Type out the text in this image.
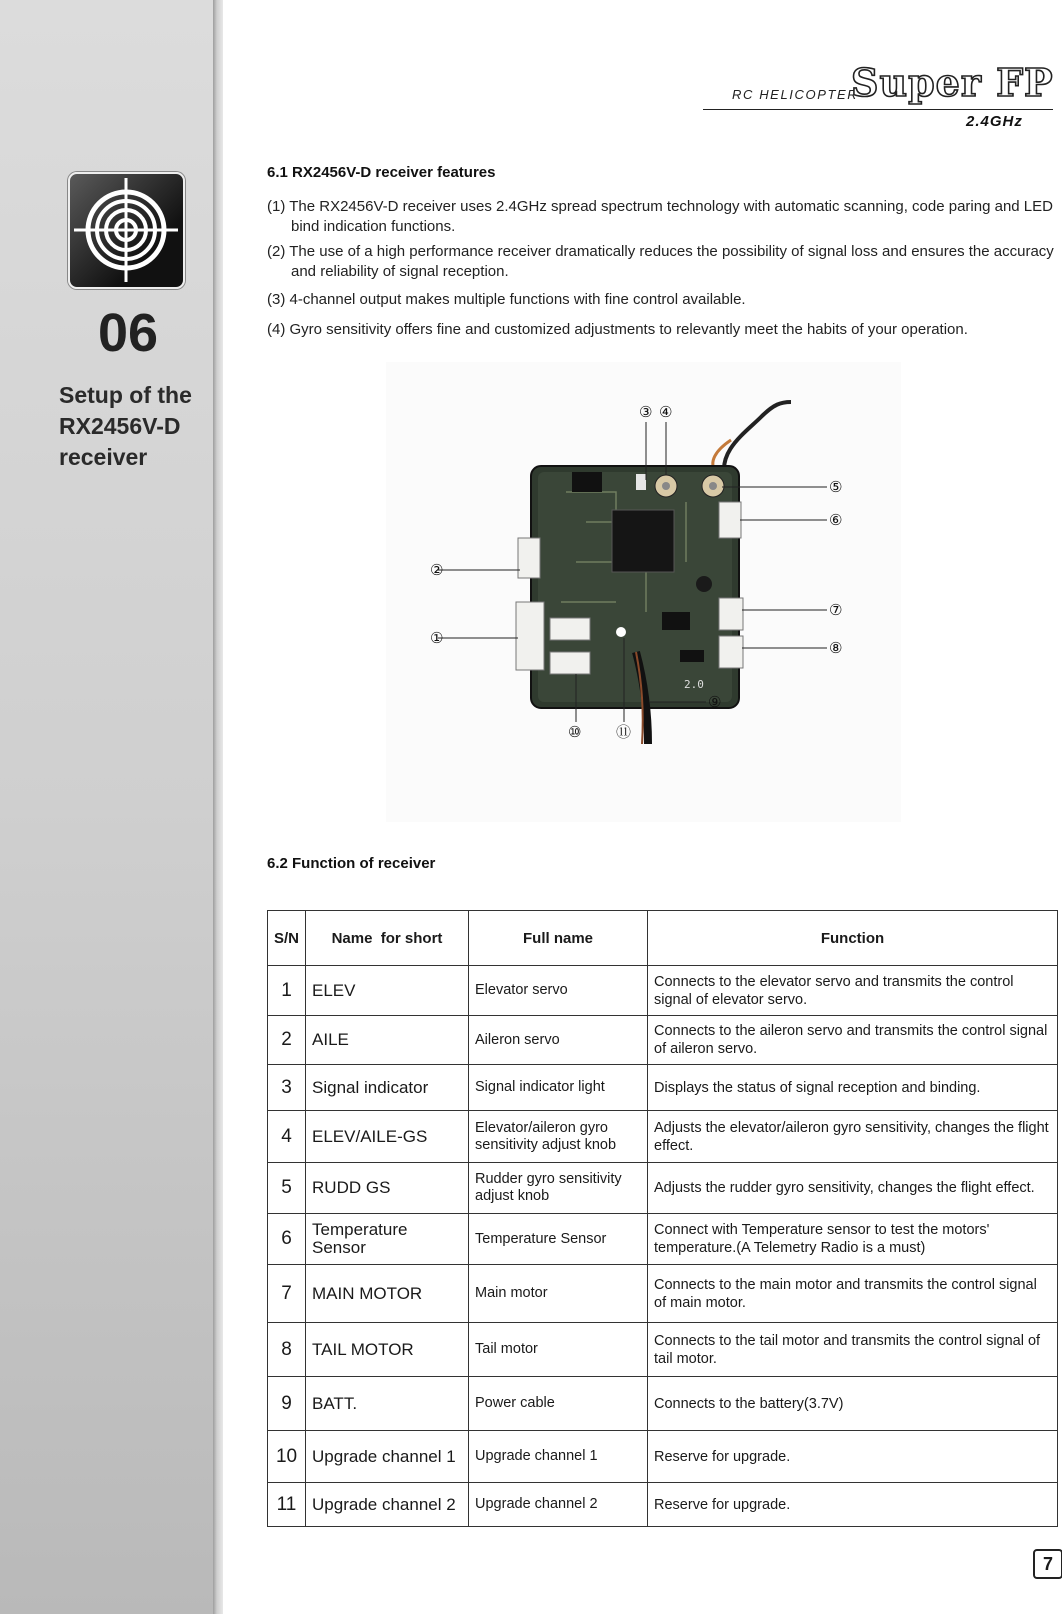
06
Setup of the
RX2456V-D
receiver
RC HELICOPTER
Super FP
2.4GHz
6.1 RX2456V-D receiver features
(1) The RX2456V-D receiver uses 2.4GHz spread spectrum technology with automatic scanning, code paring and LED bind indication functions.
(2) The use of a high performance receiver dramatically reduces the possibility of signal loss and ensures the accuracy and reliability of signal reception.
(3) 4-channel output makes multiple functions with fine control available.
(4) Gyro sensitivity offers fine and customized adjustments to relevantly meet the habits of your operation.
2.0
①
②
③ ④
⑤
⑥
⑦
⑧
⑨
⑩ ⑪
6.2 Function of receiver
S/N	Name  for short	Full name	Function
1	ELEV	Elevator servo	Connects to the elevator servo and transmits the control signal of elevator servo.
2	AILE	Aileron servo	Connects to the aileron servo and transmits the control signal of aileron servo.
3	Signal indicator	Signal indicator light	Displays the status of signal reception and binding.
4	ELEV/AILE-GS	Elevator/aileron gyro sensitivity adjust knob	Adjusts the elevator/aileron gyro sensitivity, changes the flight effect.
5	RUDD GS	Rudder gyro sensitivity adjust knob	Adjusts the rudder gyro sensitivity, changes the flight effect.
6	Temperature Sensor	Temperature Sensor	Connect with Temperature sensor to test the motors' temperature.(A Telemetry Radio is a must)
7	MAIN MOTOR	Main motor	Connects to the main motor and transmits the control signal of main motor.
8	TAIL MOTOR	Tail motor	Connects to the tail motor and transmits the control signal of tail motor.
9	BATT.	Power cable	Connects to the battery(3.7V)
10	Upgrade channel 1	Upgrade channel 1	Reserve for upgrade.
11	Upgrade channel 2	Upgrade channel 2	Reserve for upgrade.
7
